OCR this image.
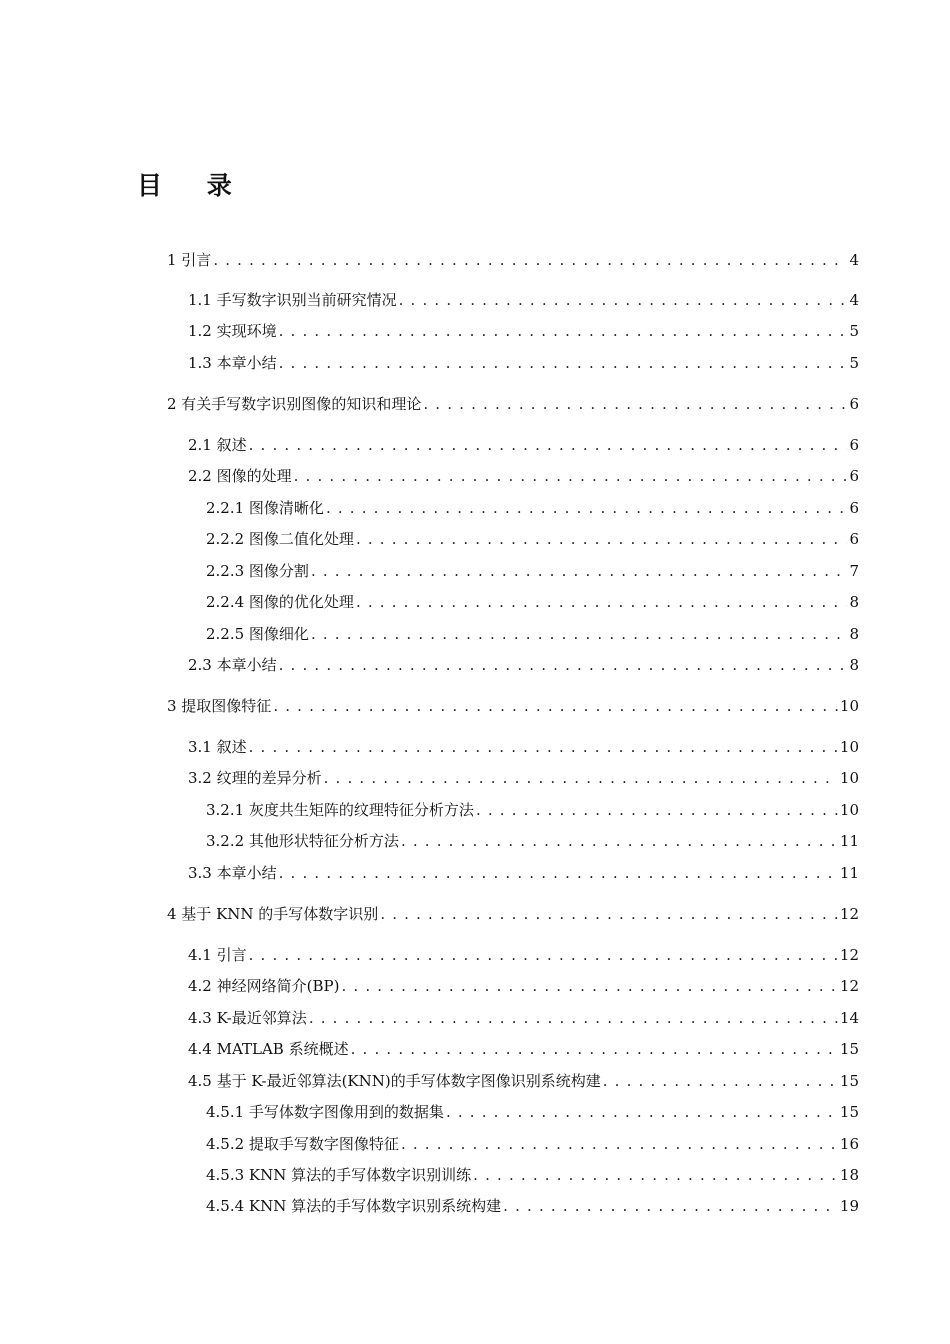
目 录
1 引言 . . .	4
1.1 手写数字识别当前研究情况 . . .	4
1.2 实现环境 . . .	5
1.3 本章小结 . . .	5
2 有关手写数字识别图像的知识和理论 . . .	6
2.1 叙述 . . .	6
2.2 图像的处理 . . .	6
2.2.1 图像清晰化 . . .	6
2.2.2 图像二值化处理 . . .	6
2.2.3 图像分割 . . .	7
2.2.4 图像的优化处理 . . .	8
2.2.5 图像细化 . . .	8
2.3 本章小结 . . .	8
3 提取图像特征 . . .	10
3.1 叙述 . . .	10
3.2 纹理的差异分析 . . .	10
3.2.1 灰度共生矩阵的纹理特征分析方法 . . .	10
3.2.2 其他形状特征分析方法 . . .	11
3.3 本章小结 . . .	11
4 基于 KNN 的手写体数字识别 . . .	12
4.1 引言 . . .	12
4.2 神经网络简介(BP) . . .	12
4.3 K-最近邻算法 . . .	14
4.4 MATLAB 系统概述 . . .	15
4.5 基于 K-最近邻算法(KNN)的手写体数字图像识别系统构建 . . .	15
4.5.1 手写体数字图像用到的数据集 . . .	15
4.5.2 提取手写数字图像特征 . . .	16
4.5.3 KNN 算法的手写体数字识别训练 . . .	18
4.5.4 KNN 算法的手写体数字识别系统构建 . . .	19
